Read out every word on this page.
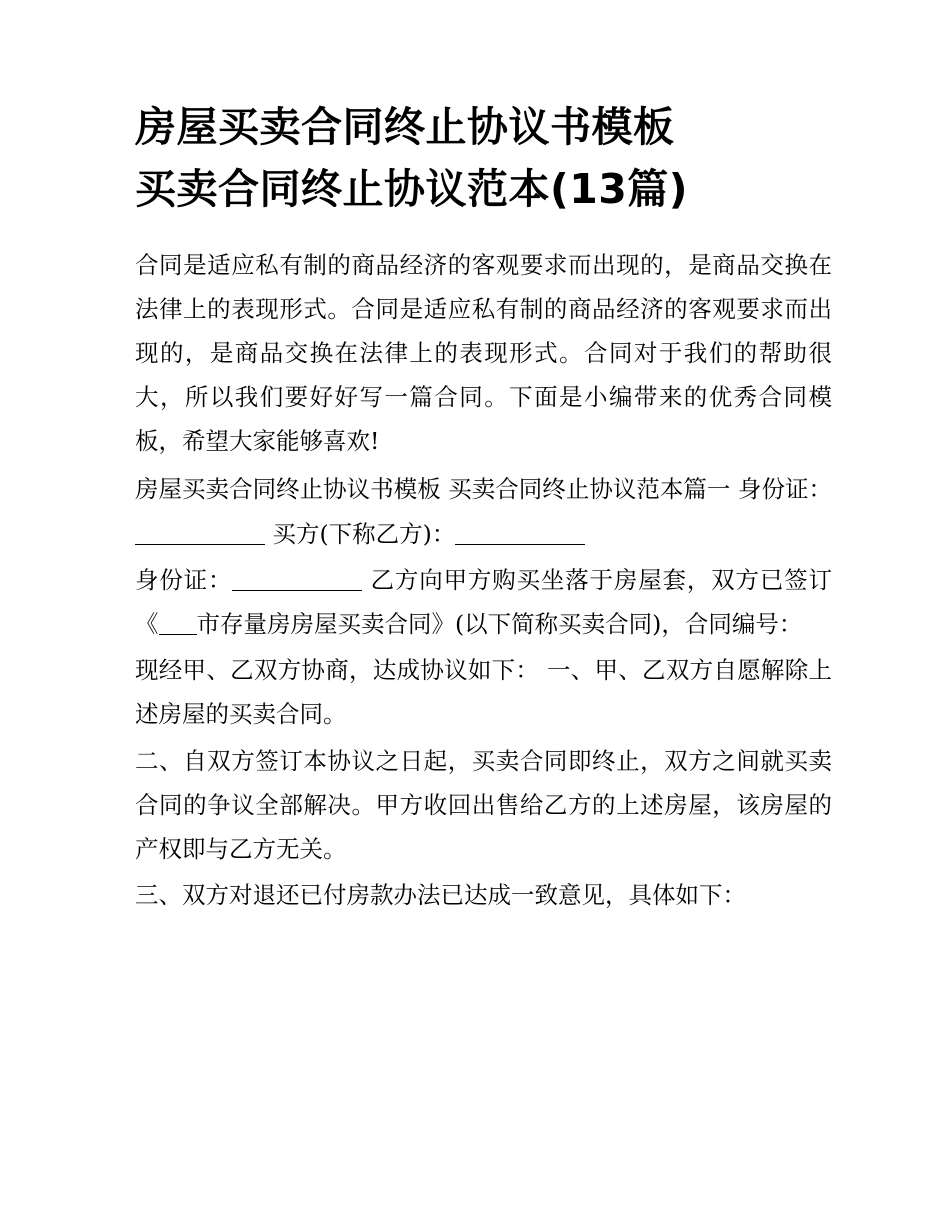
房屋买卖合同终止协议书模板
买卖合同终止协议范本(13篇)

合同是适应私有制的商品经济的客观要求而出现的，是商品交换在法律上的表现形式。合同是适应私有制的商品经济的客观要求而出现的，是商品交换在法律上的表现形式。合同对于我们的帮助很大，所以我们要好好写一篇合同。下面是小编带来的优秀合同模板，希望大家能够喜欢!

房屋买卖合同终止协议书模板 买卖合同终止协议范本篇一 身份证： 买方(下称乙方)：

身份证：	乙方向甲方购买坐落于房屋套，双方已签订《 市存量房房屋买卖合同》(以下简称买卖合同)，合同编号：

现经甲、乙双方协商，达成协议如下： 一、甲、乙双方自愿解除上述房屋的买卖合同。

二、自双方签订本协议之日起，买卖合同即终止，双方之间就买卖合同的争议全部解决。甲方收回出售给乙方的上述房屋，该房屋的产权即与乙方无关。

三、双方对退还已付房款办法已达成一致意见，具体如下：
